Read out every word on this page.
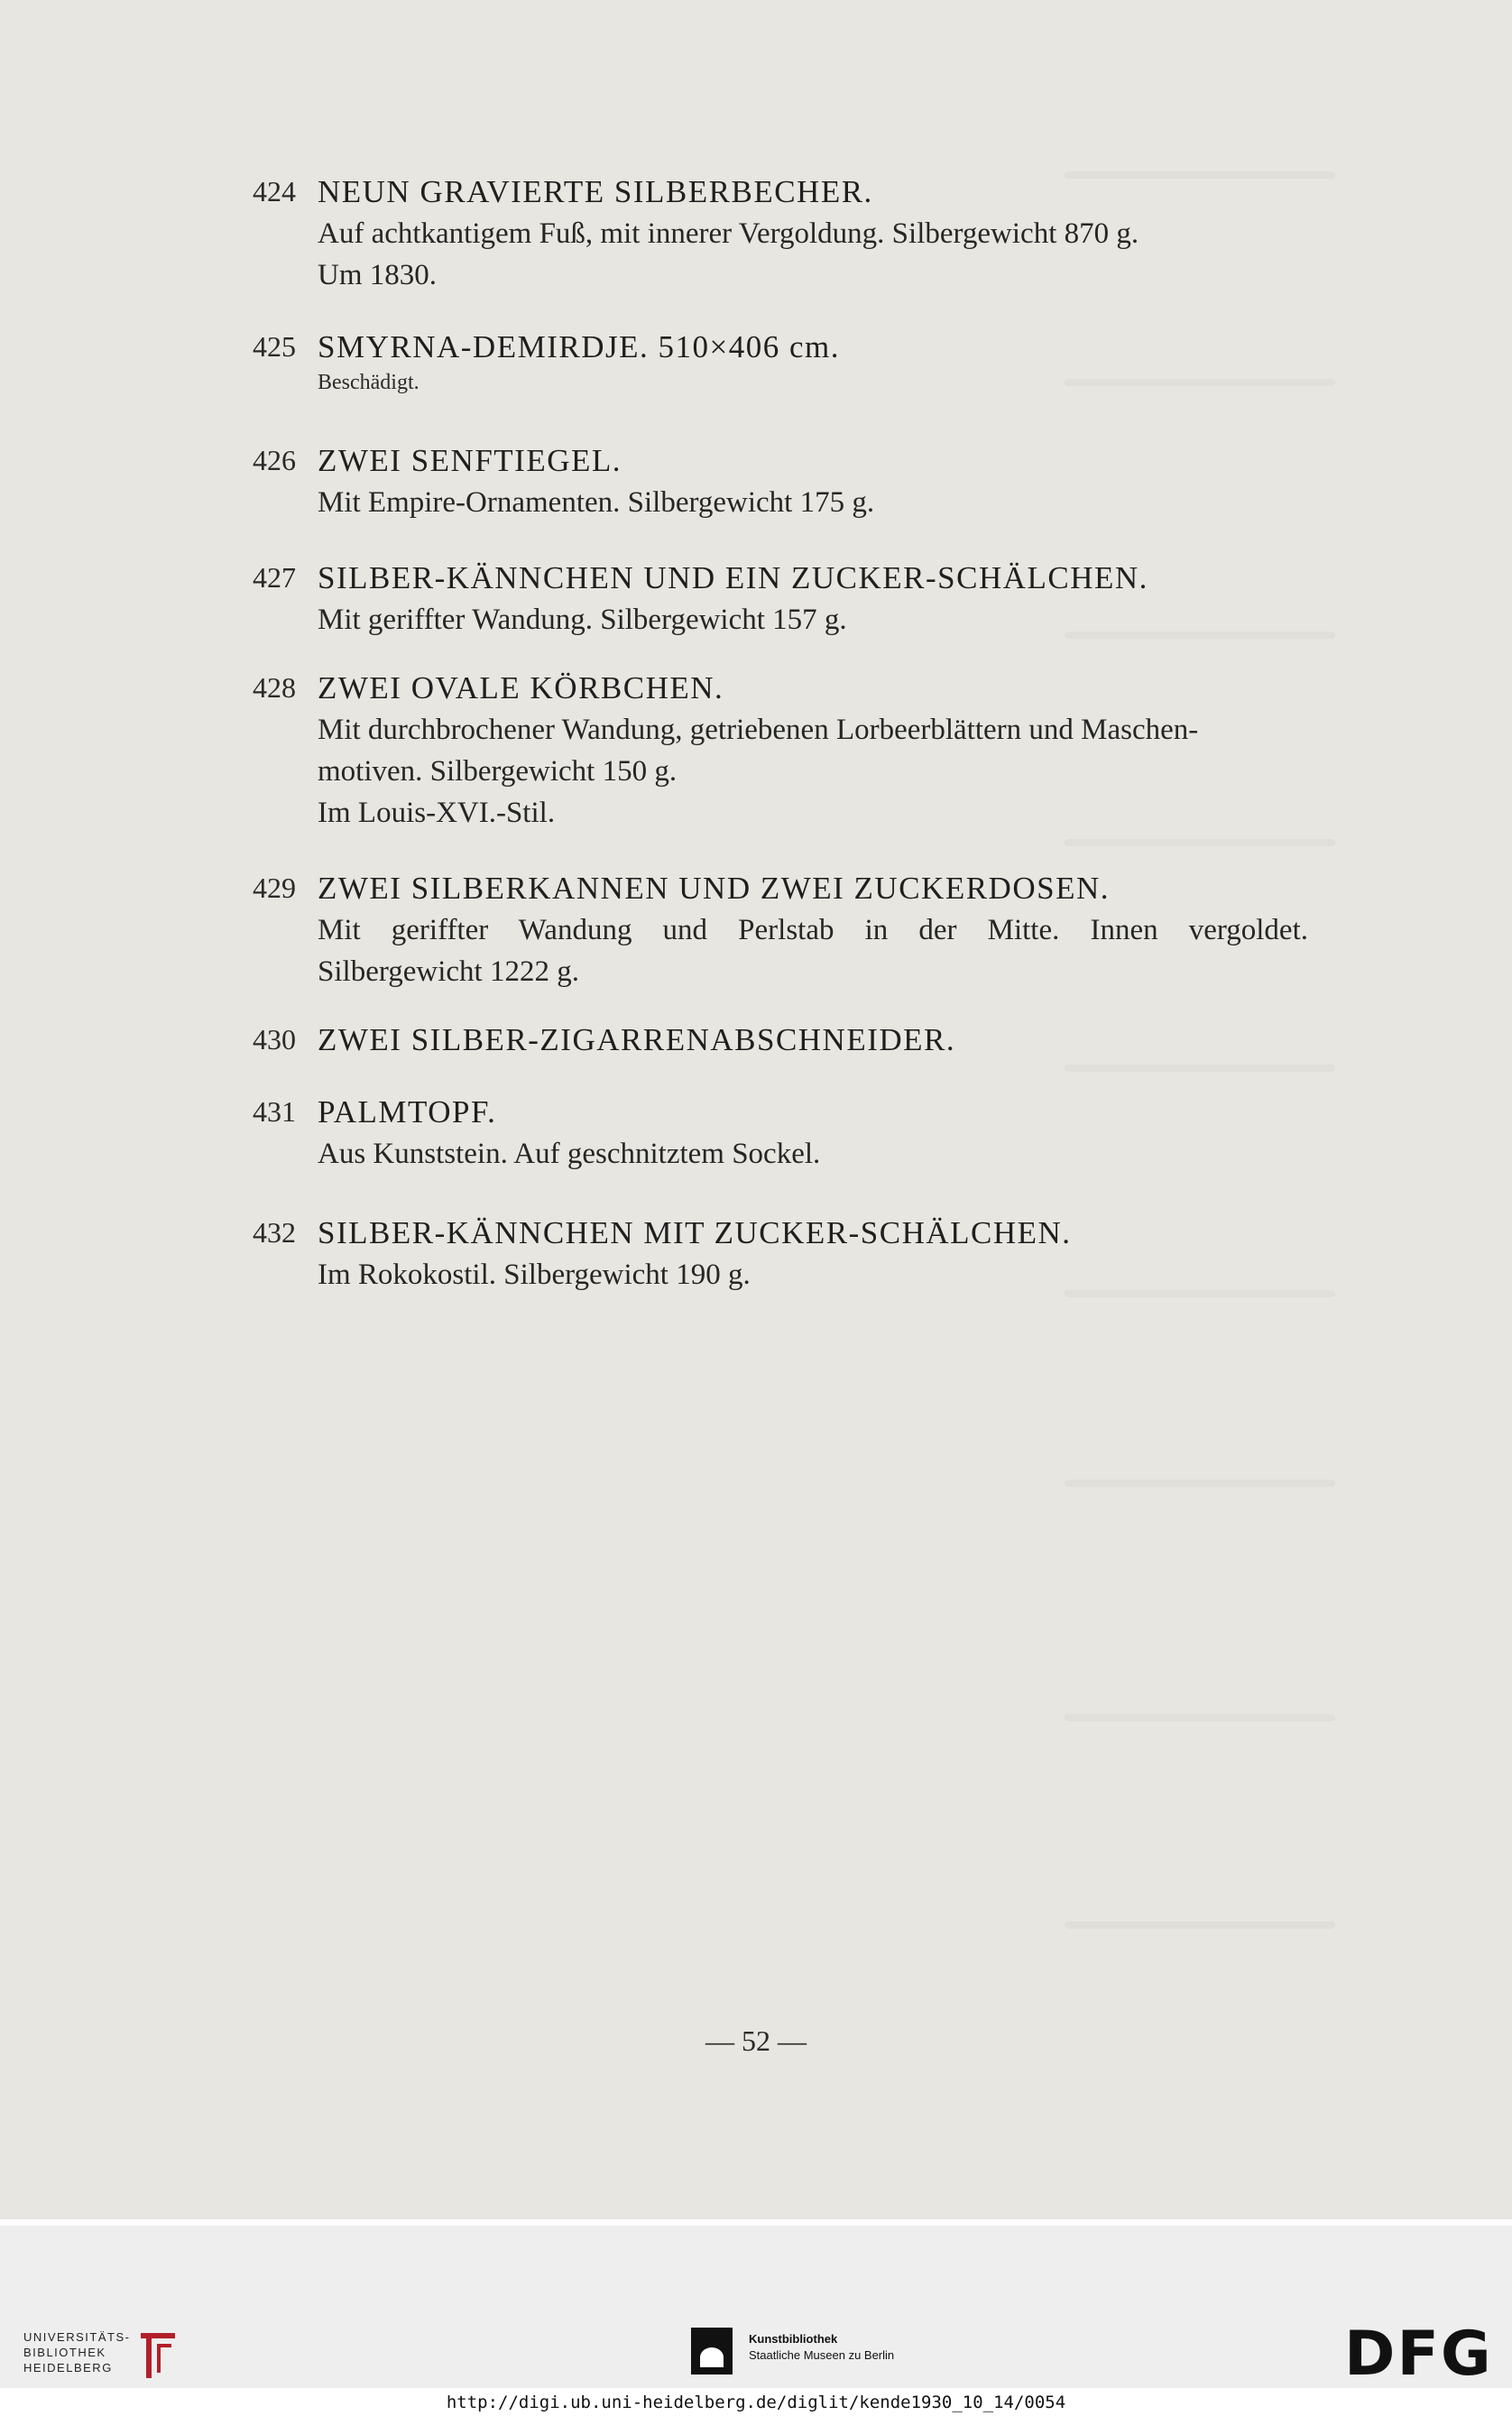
424 NEUN GRAVIERTE SILBERBECHER.
Auf achtkantigem Fuß, mit innerer Vergoldung. Silbergewicht 870 g.
Um 1830.
425 SMYRNA-DEMIRDJE. 510×406 cm.
Beschädigt.
426 ZWEI SENFTIEGEL.
Mit Empire-Ornamenten. Silbergewicht 175 g.
427 SILBER-KÄNNCHEN UND EIN ZUCKER-SCHÄLCHEN.
Mit geriffter Wandung. Silbergewicht 157 g.
428 ZWEI OVALE KÖRBCHEN.
Mit durchbrochener Wandung, getriebenen Lorbeerblättern und Maschen-
motiven. Silbergewicht 150 g.
Im Louis-XVI.-Stil.
429 ZWEI SILBERKANNEN UND ZWEI ZUCKERDOSEN.
Mit geriffter Wandung und Perlstab in der Mitte. Innen vergoldet.
Silbergewicht 1222 g.
430 ZWEI SILBER-ZIGARRENABSCHNEIDER.
431 PALMTOPF.
Aus Kunststein. Auf geschnitztem Sockel.
432 SILBER-KÄNNCHEN MIT ZUCKER-SCHÄLCHEN.
Im Rokokostil. Silbergewicht 190 g.
— 52 —
UNIVERSITÄTS-
BIBLIOTHEK
HEIDELBERG
Kunstbibliothek
Staatliche Museen zu Berlin	DFG
http://digi.ub.uni-heidelberg.de/diglit/kende1930_10_14/0054
